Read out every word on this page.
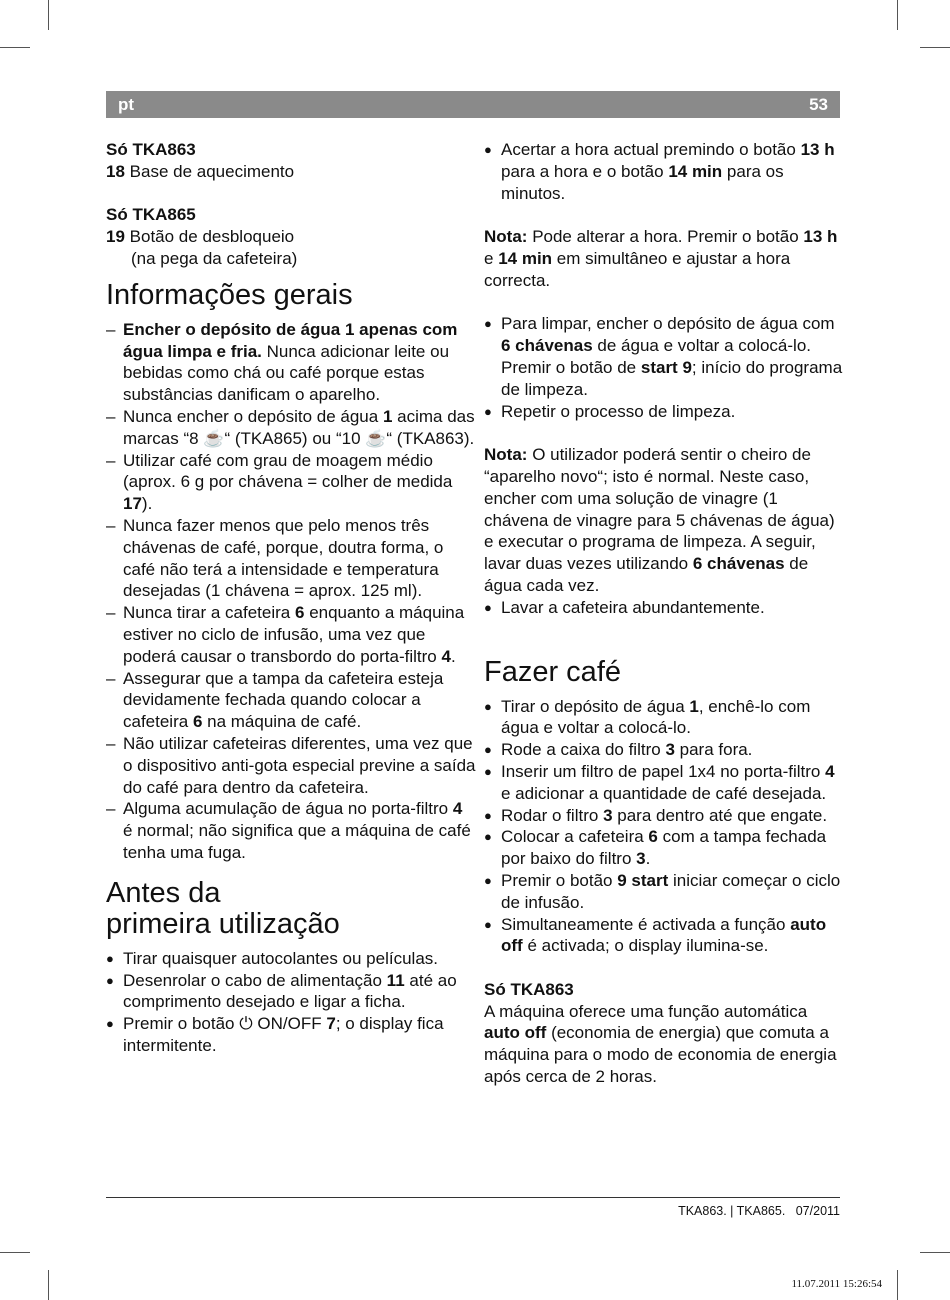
pt	53

Só TKA863

18 Base de aquecimento

Só TKA865

19 Botão de desbloqueio

(na pega da cafeteira)

Informações gerais

– Encher o depósito de água 1 apenas com água limpa e fria. Nunca adicionar leite ou bebidas como chá ou café porque estas substâncias danificam o aparelho.

– Nunca encher o depósito de água 1 acima das marcas “8 ☕“ (TKA865) ou “10 ☕“ (TKA863).

– Utilizar café com grau de moagem médio (aprox. 6 g por chávena = colher de medida 17).

– Nunca fazer menos que pelo menos três chávenas de café, porque, doutra forma, o café não terá a intensidade e temperatura desejadas (1 chávena = aprox. 125 ml).

– Nunca tirar a cafeteira 6 enquanto a máquina estiver no ciclo de infusão, uma vez que poderá causar o transbordo do porta-filtro 4.

– Assegurar que a tampa da cafeteira esteja devidamente fechada quando colocar a cafeteira 6 na máquina de café.

– Não utilizar cafeteiras diferentes, uma vez que o dispositivo anti-gota especial previne a saída do café para dentro da cafeteira.

– Alguma acumulação de água no porta-filtro 4 é normal; não significa que a máquina de café tenha uma fuga.

Antes da
primeira utilização

● Tirar quaisquer autocolantes ou películas.

● Desenrolar o cabo de alimentação 11 até ao comprimento desejado e ligar a ficha.

● Premir o botão ⏻ ON/OFF 7; o display fica intermitente.

● Acertar a hora actual premindo o botão 13 h para a hora e o botão 14 min para os minutos.

Nota: Pode alterar a hora. Premir o botão 13 h e 14 min em simultâneo e ajustar a hora correcta.

● Para limpar, encher o depósito de água com 6 chávenas de água e voltar a colocá-lo. Premir o botão de start 9; início do programa de limpeza.

● Repetir o processo de limpeza.

Nota: O utilizador poderá sentir o cheiro de “aparelho novo“; isto é normal. Neste caso, encher com uma solução de vinagre (1 chávena de vinagre para 5 chávenas de água) e executar o programa de limpeza. A seguir, lavar duas vezes utilizando 6 chávenas de água cada vez.

● Lavar a cafeteira abundantemente.

Fazer café

● Tirar o depósito de água 1, enchê-lo com água e voltar a colocá-lo.

● Rode a caixa do filtro 3 para fora.

● Inserir um filtro de papel 1x4 no porta-filtro 4 e adicionar a quantidade de café desejada.

● Rodar o filtro 3 para dentro até que engate.

● Colocar a cafeteira 6 com a tampa fechada por baixo do filtro 3.

● Premir o botão 9 start iniciar começar o ciclo de infusão.

● Simultaneamente é activada a função auto off é activada; o display ilumina-se.

Só TKA863

A máquina oferece uma função automática auto off (economia de energia) que comuta a máquina para o modo de economia de energia após cerca de 2 horas.

TKA863. | TKA865. 07/2011
11.07.2011 15:26:54
